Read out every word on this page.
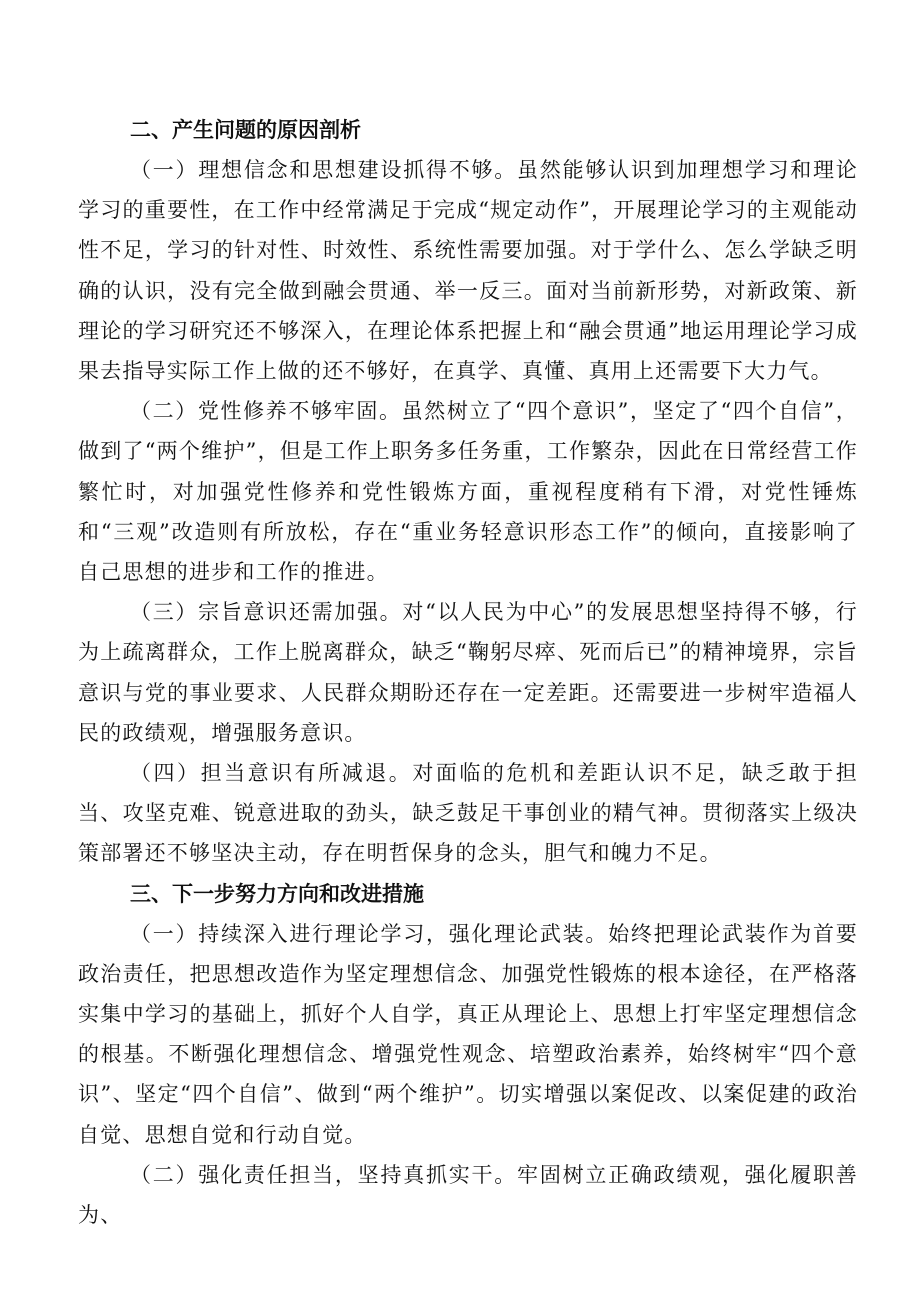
二、产生问题的原因剖析

（一）理想信念和思想建设抓得不够。虽然能够认识到加理想学习和理论学习的重要性，在工作中经常满足于完成“规定动作”，开展理论学习的主观能动性不足，学习的针对性、时效性、系统性需要加强。对于学什么、怎么学缺乏明确的认识，没有完全做到融会贯通、举一反三。面对当前新形势，对新政策、新理论的学习研究还不够深入，在理论体系把握上和“融会贯通”地运用理论学习成果去指导实际工作上做的还不够好，在真学、真懂、真用上还需要下大力气。

（二）党性修养不够牢固。虽然树立了“四个意识”，坚定了“四个自信”，做到了“两个维护”，但是工作上职务多任务重，工作繁杂，因此在日常经营工作繁忙时，对加强党性修养和党性锻炼方面，重视程度稍有下滑，对党性锤炼和“三观”改造则有所放松，存在“重业务轻意识形态工作”的倾向，直接影响了自己思想的进步和工作的推进。

（三）宗旨意识还需加强。对“以人民为中心”的发展思想坚持得不够，行为上疏离群众，工作上脱离群众，缺乏“鞠躬尽瘁、死而后已”的精神境界，宗旨意识与党的事业要求、人民群众期盼还存在一定差距。还需要进一步树牢造福人民的政绩观，增强服务意识。

（四）担当意识有所减退。对面临的危机和差距认识不足，缺乏敢于担当、攻坚克难、锐意进取的劲头，缺乏鼓足干事创业的精气神。贯彻落实上级决策部署还不够坚决主动，存在明哲保身的念头，胆气和魄力不足。

三、下一步努力方向和改进措施

（一）持续深入进行理论学习，强化理论武装。始终把理论武装作为首要政治责任，把思想改造作为坚定理想信念、加强党性锻炼的根本途径，在严格落实集中学习的基础上，抓好个人自学，真正从理论上、思想上打牢坚定理想信念的根基。不断强化理想信念、增强党性观念、培塑政治素养，始终树牢“四个意识”、坚定“四个自信”、做到“两个维护”。切实增强以案促改、以案促建的政治自觉、思想自觉和行动自觉。

（二）强化责任担当，坚持真抓实干。牢固树立正确政绩观，强化履职善为、
